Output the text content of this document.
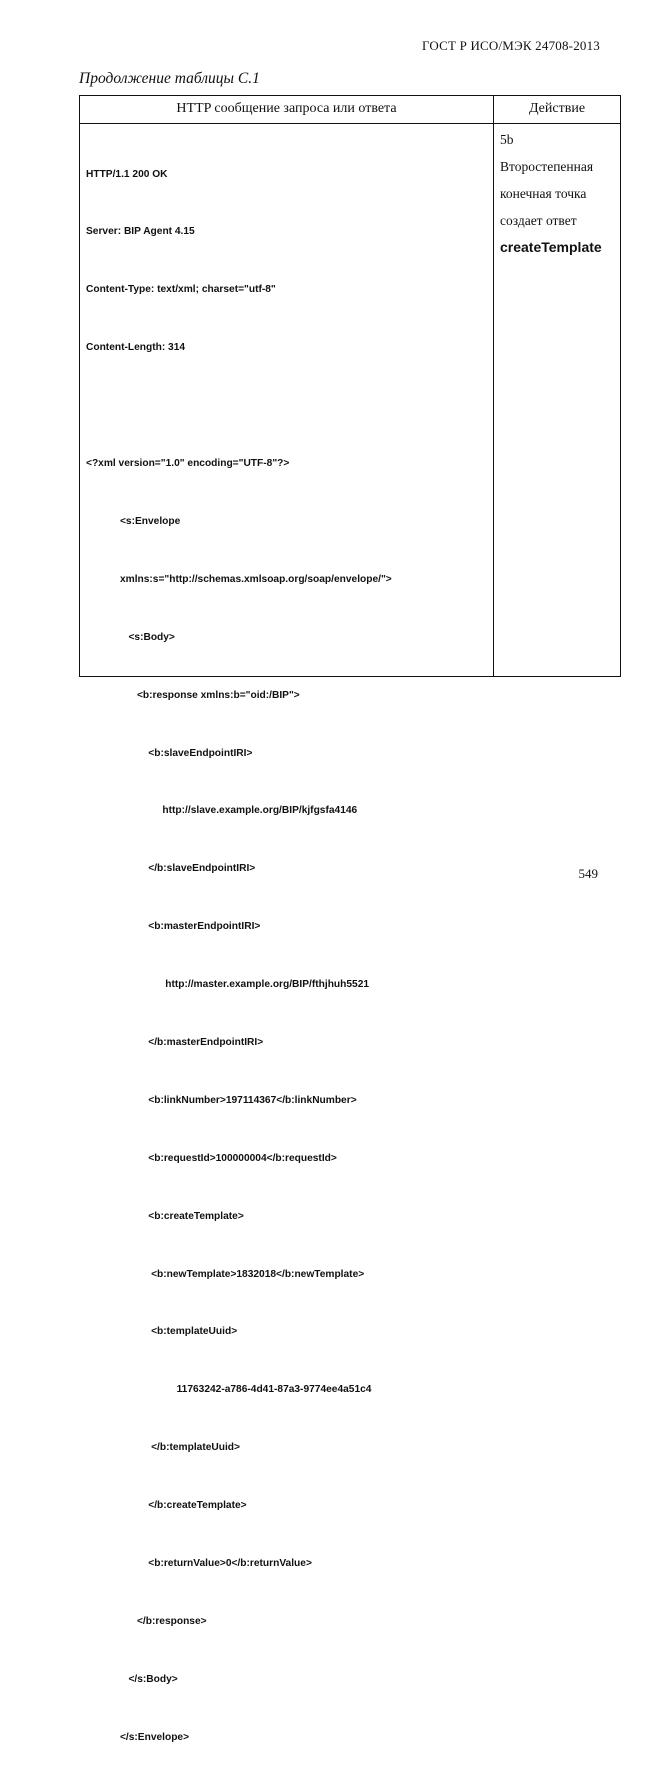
ГОСТ Р ИСО/МЭК 24708-2013
Продолжение таблицы С.1
HTTP сообщение запроса или ответа	Действие

HTTP/1.1 200 OK

Server: BIP Agent 4.15

Content-Type: text/xml; charset="utf-8"

Content-Length: 314

<?xml version="1.0" encoding="UTF-8"?>

<s:Envelope

xmlns:s="http://schemas.xmlsoap.org/soap/envelope/">

<s:Body>

<b:response xmlns:b="oid:/BIP">

<b:slaveEndpointIRI>

http://slave.example.org/BIP/kjfgsfa4146

</b:slaveEndpointIRI>

<b:masterEndpointIRI>

http://master.example.org/BIP/fthjhuh5521

</b:masterEndpointIRI>

<b:linkNumber>197114367</b:linkNumber>

<b:requestId>100000004</b:requestId>

<b:createTemplate>

<b:newTemplate>1832018</b:newTemplate>

<b:templateUuid>

11763242-a786-4d41-87a3-9774ee4a51c4

</b:templateUuid>

</b:createTemplate>

<b:returnValue>0</b:returnValue>

</b:response>

</s:Body>

</s:Envelope>

5b
Второстепенная
конечная точка
создает ответ
createTemplate
549
